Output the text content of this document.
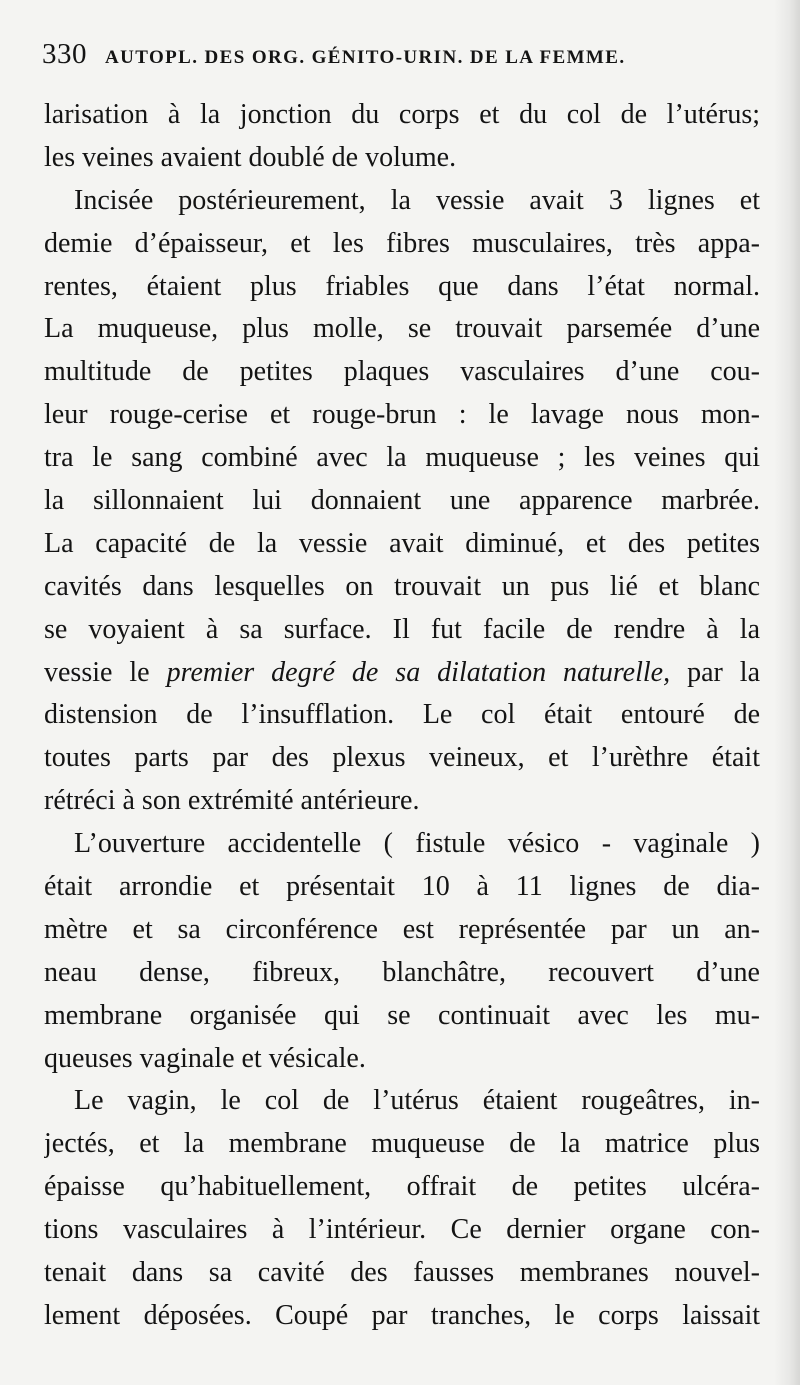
330 AUTOPL. DES ORG. GÉNITO-URIN. DE LA FEMME.
larisation à la jonction du corps et du col de l’utérus;
les veines avaient doublé de volume.
Incisée postérieurement, la vessie avait 3 lignes et
demie d’épaisseur, et les fibres musculaires, très appa-
rentes, étaient plus friables que dans l’état normal.
La muqueuse, plus molle, se trouvait parsemée d’une
multitude de petites plaques vasculaires d’une cou-
leur rouge-cerise et rouge-brun : le lavage nous mon-
tra le sang combiné avec la muqueuse ; les veines qui
la sillonnaient lui donnaient une apparence marbrée.
La capacité de la vessie avait diminué, et des petites
cavités dans lesquelles on trouvait un pus lié et blanc
se voyaient à sa surface. Il fut facile de rendre à la
vessie le premier degré de sa dilatation naturelle, par la
distension de l’insufflation. Le col était entouré de
toutes parts par des plexus veineux, et l’urèthre était
rétréci à son extrémité antérieure.
L’ouverture accidentelle ( fistule vésico - vaginale )
était arrondie et présentait 10 à 11 lignes de dia-
mètre et sa circonférence est représentée par un an-
neau dense, fibreux, blanchâtre, recouvert d’une
membrane organisée qui se continuait avec les mu-
queuses vaginale et vésicale.
Le vagin, le col de l’utérus étaient rougeâtres, in-
jectés, et la membrane muqueuse de la matrice plus
épaisse qu’habituellement, offrait de petites ulcéra-
tions vasculaires à l’intérieur. Ce dernier organe con-
tenait dans sa cavité des fausses membranes nouvel-
lement déposées. Coupé par tranches, le corps laissait
